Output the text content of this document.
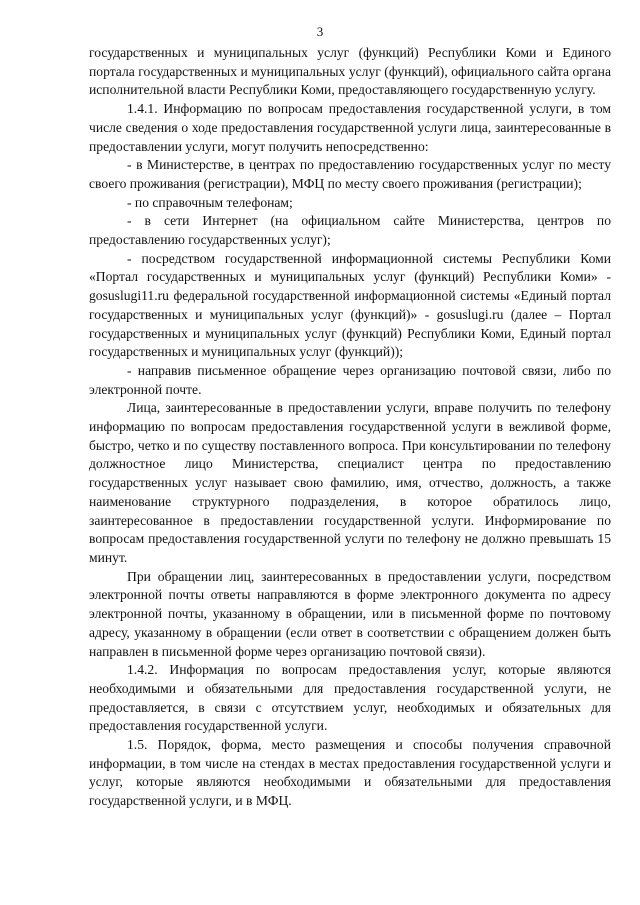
3

государственных и муниципальных услуг (функций) Республики Коми и Единого портала государственных и муниципальных услуг (функций), официального сайта органа исполнительной власти Республики Коми, предоставляющего государственную услугу.

1.4.1. Информацию по вопросам предоставления государственной услуги, в том числе сведения о ходе предоставления государственной услуги лица, заинтересованные в предоставлении услуги, могут получить непосредственно:

- в Министерстве, в центрах по предоставлению государственных услуг по месту своего проживания (регистрации), МФЦ по месту своего проживания (регистрации);

- по справочным телефонам;

- в сети Интернет (на официальном сайте Министерства, центров по предоставлению государственных услуг);

- посредством государственной информационной системы Республики Коми «Портал государственных и муниципальных услуг (функций) Республики Коми» - gosuslugi11.ru федеральной государственной информационной системы «Единый портал государственных и муниципальных услуг (функций)» - gosuslugi.ru (далее – Портал государственных и муниципальных услуг (функций) Республики Коми, Единый портал государственных и муниципальных услуг (функций));

- направив письменное обращение через организацию почтовой связи, либо по электронной почте.

Лица, заинтересованные в предоставлении услуги, вправе получить по телефону информацию по вопросам предоставления государственной услуги в вежливой форме, быстро, четко и по существу поставленного вопроса. При консультировании по телефону должностное лицо Министерства, специалист центра по предоставлению государственных услуг называет свою фамилию, имя, отчество, должность, а также наименование структурного подразделения, в которое обратилось лицо, заинтересованное в предоставлении государственной услуги. Информирование по вопросам предоставления государственной услуги по телефону не должно превышать 15 минут.

При обращении лиц, заинтересованных в предоставлении услуги, посредством электронной почты ответы направляются в форме электронного документа по адресу электронной почты, указанному в обращении, или в письменной форме по почтовому адресу, указанному в обращении (если ответ в соответствии с обращением должен быть направлен в письменной форме через организацию почтовой связи).

1.4.2. Информация по вопросам предоставления услуг, которые являются необходимыми и обязательными для предоставления государственной услуги, не предоставляется, в связи с отсутствием услуг, необходимых и обязательных для предоставления государственной услуги.

1.5. Порядок, форма, место размещения и способы получения справочной информации, в том числе на стендах в местах предоставления государственной услуги и услуг, которые являются необходимыми и обязательными для предоставления государственной услуги, и в МФЦ.
